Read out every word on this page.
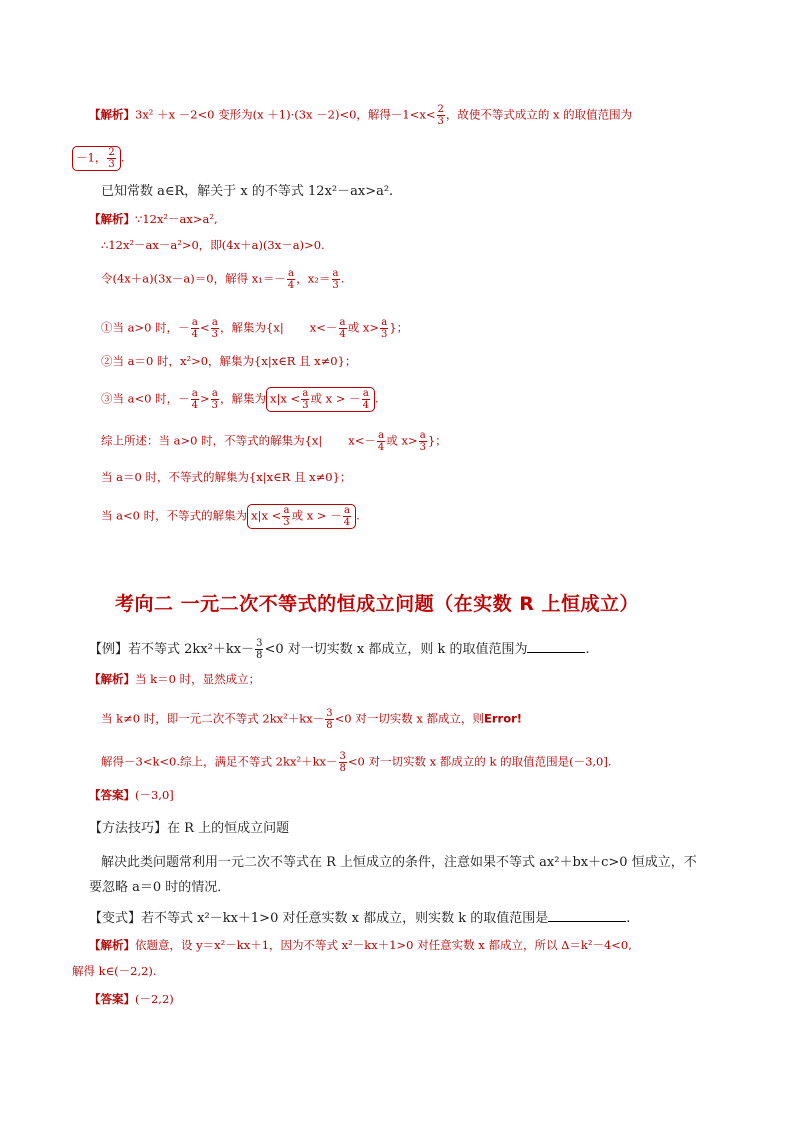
【解析】3x² ＋x －2<0 变形为(x ＋1)·(3x －2)<0，解得$-1<x< \frac{2}{3}$ ，故使不等式成立的 x 的取值范围为
－1， $\frac{2}{3}$ .
已知常数 a∈R，解关于 x 的不等式 12x²－ax>a².
【解析】∵12x²－ax>a²,
∴12x²－ax－a²>0，即(4x＋a)(3x－a)>0.
令(4x＋a)(3x－a)＝0，解得 $x_1=- \frac{a}{4}$ ，$x_2= \frac{a}{3}$ .
①当 a>0 时，－ $\frac{a}{4} < \frac{a}{3}$ ，解集为{x| $x<- \frac{a}{4}$ 或 $x> \frac{a}{3}$ }；
②当 a＝0 时，x²>0，解集为{x|x∈R 且 x≠0}；
③当 a<0 时，－ $\frac{a}{4} > \frac{a}{3}$ ，解集为 $x|x < \frac{a}{3}$ 或 x > － $\frac{a}{4}$ .
综上所述：当 a>0 时，不等式的解集为{x| $x<- \frac{a}{4}$ 或 $x> \frac{a}{3}$ }；
当 a＝0 时，不等式的解集为{x|x∈R 且 x≠0}；
当 a<0 时，不等式的解集为 $x|x < \frac{a}{3}$ 或 x > － $\frac{a}{4}$ .
考向二 一元二次不等式的恒成立问题（在实数 R 上恒成立）
【例】若不等式 $2kx^2+kx- \frac{3}{8} <0$ 对一切实数 x 都成立，则 k 的取值范围为	.
【解析】当 k＝0 时，显然成立；
当 k≠0 时，即一元二次不等式 $2kx^2+kx- \frac{3}{8} <0$ 对一切实数 x 都成立，则Error!
解得－3<k<0.综上，满足不等式 $2kx^2+kx- \frac{3}{8} <0$ 对一切实数 x 都成立的 k 的取值范围是(－3,0].
【答案】(－3,0]
【方法技巧】在 R 上的恒成立问题
解决此类问题常利用一元二次不等式在 R 上恒成立的条件，注意如果不等式 ax²＋bx＋c>0 恒成立，不
要忽略 a＝0 时的情况．
【变式】若不等式 x²－kx＋1>0 对任意实数 x 都成立，则实数 k 的取值范围是	.
【解析】依题意，设 y＝x²－kx＋1，因为不等式 x²－kx＋1>0 对任意实数 x 都成立，所以 Δ＝k²－4<0,
解得 k∈(－2,2).
【答案】(－2,2)
